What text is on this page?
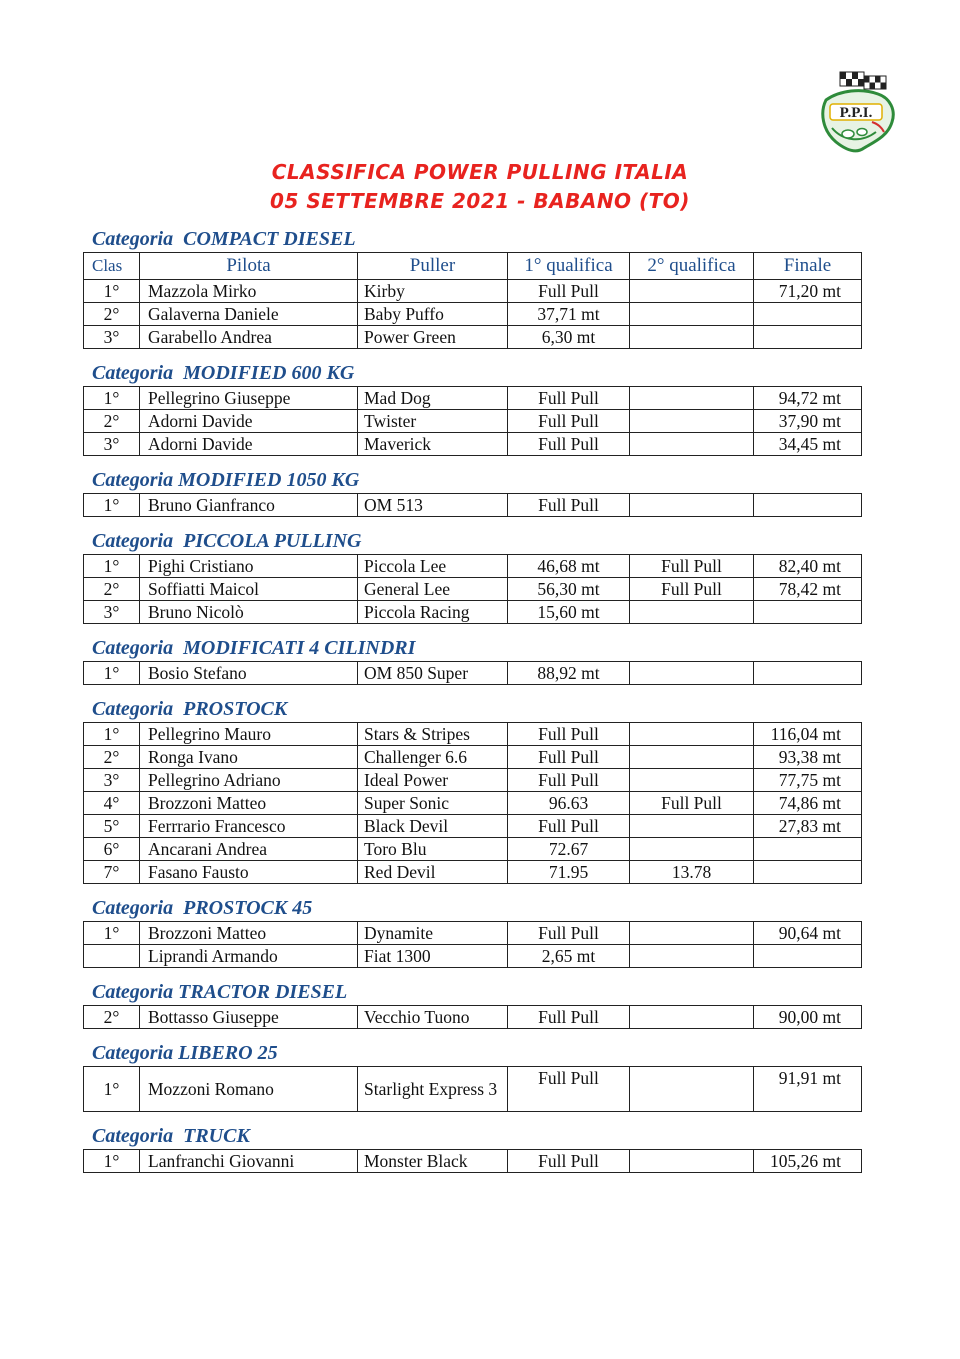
P.P.I.
CLASSIFICA POWER PULLING ITALIA
05 SETTEMBRE 2021 - BABANO (TO)
Categoria  COMPACT DIESEL
Clas	Pilota	Puller	1° qualifica	2° qualifica	Finale
1°	Mazzola Mirko	Kirby	Full Pull		71,20 mt
2°	Galaverna Daniele	Baby Puffo	37,71 mt		
3°	Garabello Andrea	Power Green	6,30 mt		
Categoria  MODIFIED 600 KG
1°	Pellegrino Giuseppe	Mad Dog	Full Pull		94,72 mt
2°	Adorni Davide	Twister	Full Pull		37,90 mt
3°	Adorni Davide	Maverick	Full Pull		34,45 mt
Categoria MODIFIED 1050 KG
1°	Bruno Gianfranco	OM 513	Full Pull		
Categoria  PICCOLA PULLING
1°	Pighi Cristiano	Piccola Lee	46,68 mt	Full Pull	82,40 mt
2°	Soffiatti Maicol	General Lee	56,30 mt	Full Pull	78,42 mt
3°	Bruno Nicolò	Piccola Racing	15,60 mt		
Categoria  MODIFICATI 4 CILINDRI
1°	Bosio Stefano	OM 850 Super	88,92 mt		
Categoria  PROSTOCK
1°	Pellegrino Mauro	Stars & Stripes	Full Pull		116,04 mt
2°	Ronga Ivano	Challenger 6.6	Full Pull		93,38 mt
3°	Pellegrino Adriano	Ideal Power	Full Pull		77,75 mt
4°	Brozzoni Matteo	Super Sonic	96.63	Full Pull	74,86 mt
5°	Ferrrario Francesco	Black Devil	Full Pull		27,83 mt
6°	Ancarani Andrea	Toro Blu	72.67		
7°	Fasano Fausto	Red Devil	71.95	13.78	
Categoria  PROSTOCK 45
1°	Brozzoni Matteo	Dynamite	Full Pull		90,64 mt
	Liprandi Armando	Fiat 1300	2,65 mt		
Categoria TRACTOR DIESEL
2°	Bottasso Giuseppe	Vecchio Tuono	Full Pull		90,00 mt
Categoria LIBERO 25
1°	Mozzoni Romano	Starlight Express 3	Full Pull		91,91 mt
Categoria  TRUCK
1°	Lanfranchi Giovanni	Monster Black	Full Pull		105,26 mt
